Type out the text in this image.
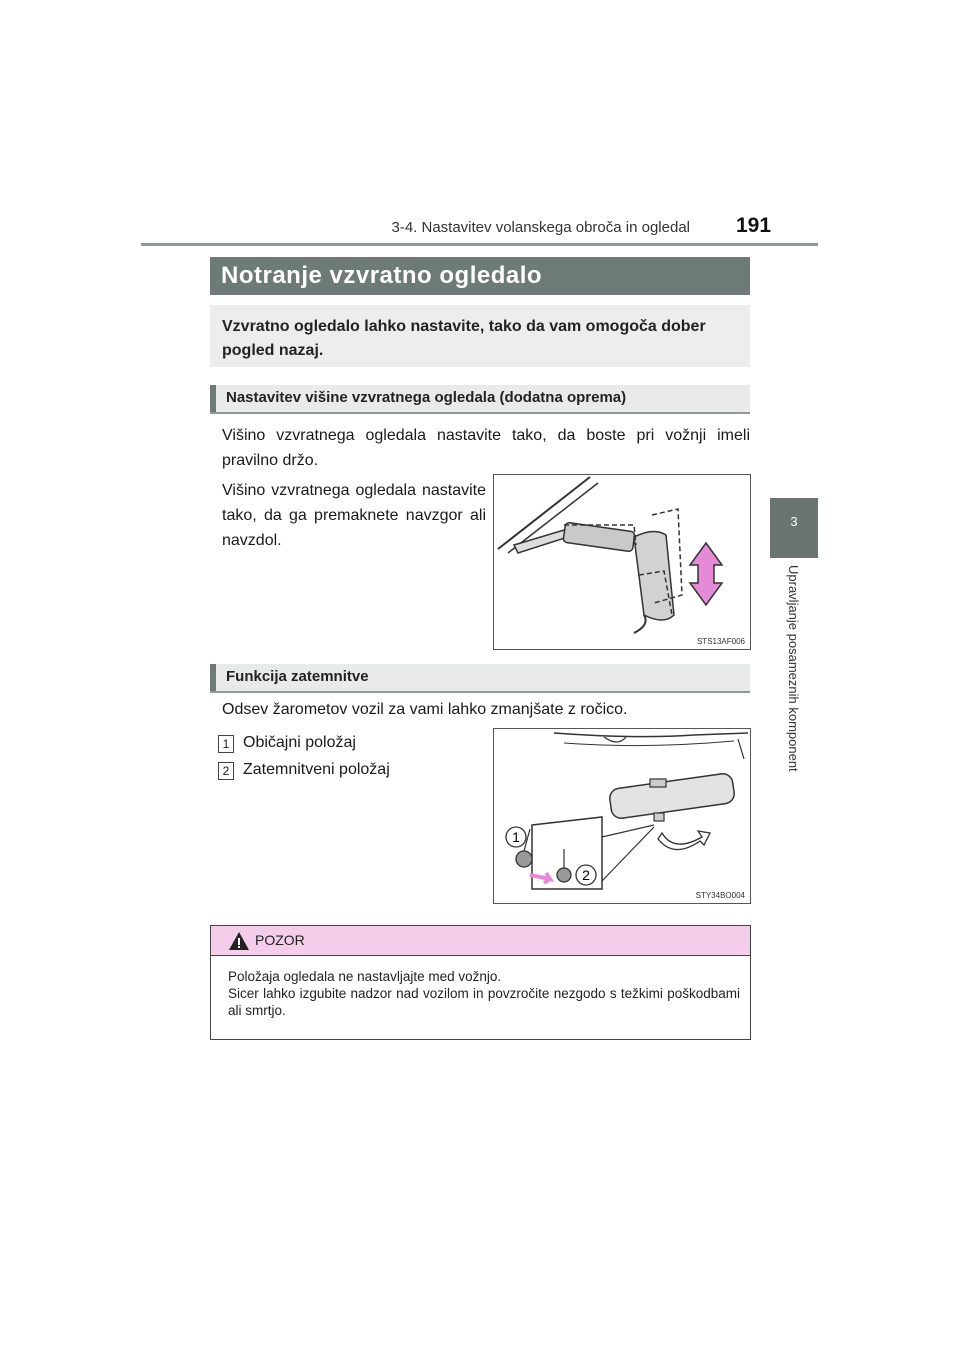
3-4. Nastavitev volanskega obroča in ogledal 191
3
Upravljanje posameznih komponent
Notranje vzvratno ogledalo
Vzvratno ogledalo lahko nastavite, tako da vam omogoča dober pogled nazaj.
Nastavitev višine vzvratnega ogledala (dodatna oprema)
Višino vzvratnega ogledala nastavite tako, da boste pri vožnji imeli pravilno držo.
Višino vzvratnega ogledala nastavite tako, da ga premaknete navzgor ali navzdol.
STS13AF006
Funkcija zatemnitve
Odsev žarometov vozil za vami lahko zmanjšate z ročico.
1 Običajni položaj
2 Zatemnitveni položaj
1
2
STY34BO004
POZOR
Položaja ogledala ne nastavljajte med vožnjo.
Sicer lahko izgubite nadzor nad vozilom in povzročite nezgodo s težkimi poškodbami ali smrtjo.
